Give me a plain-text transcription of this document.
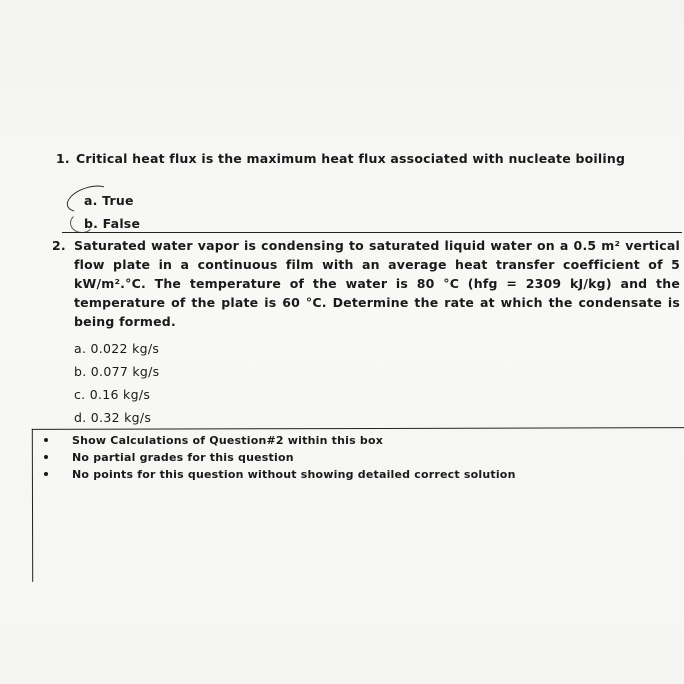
1. Critical heat flux is the maximum heat flux associated with nucleate boiling
a. True
b. False
2. Saturated water vapor is condensing to saturated liquid water on a 0.5 m² vertical flow plate in a continuous film with an average heat transfer coefficient of 5 kW/m².°C. The temperature of the water is 80 °C (hfg = 2309 kJ/kg) and the temperature of the plate is 60 °C. Determine the rate at which the condensate is being formed.
a. 0.022 kg/s
b. 0.077 kg/s
c. 0.16 kg/s
d. 0.32 kg/s
Show Calculations of Question#2 within this box
No partial grades for this question
No points for this question without showing detailed correct solution
